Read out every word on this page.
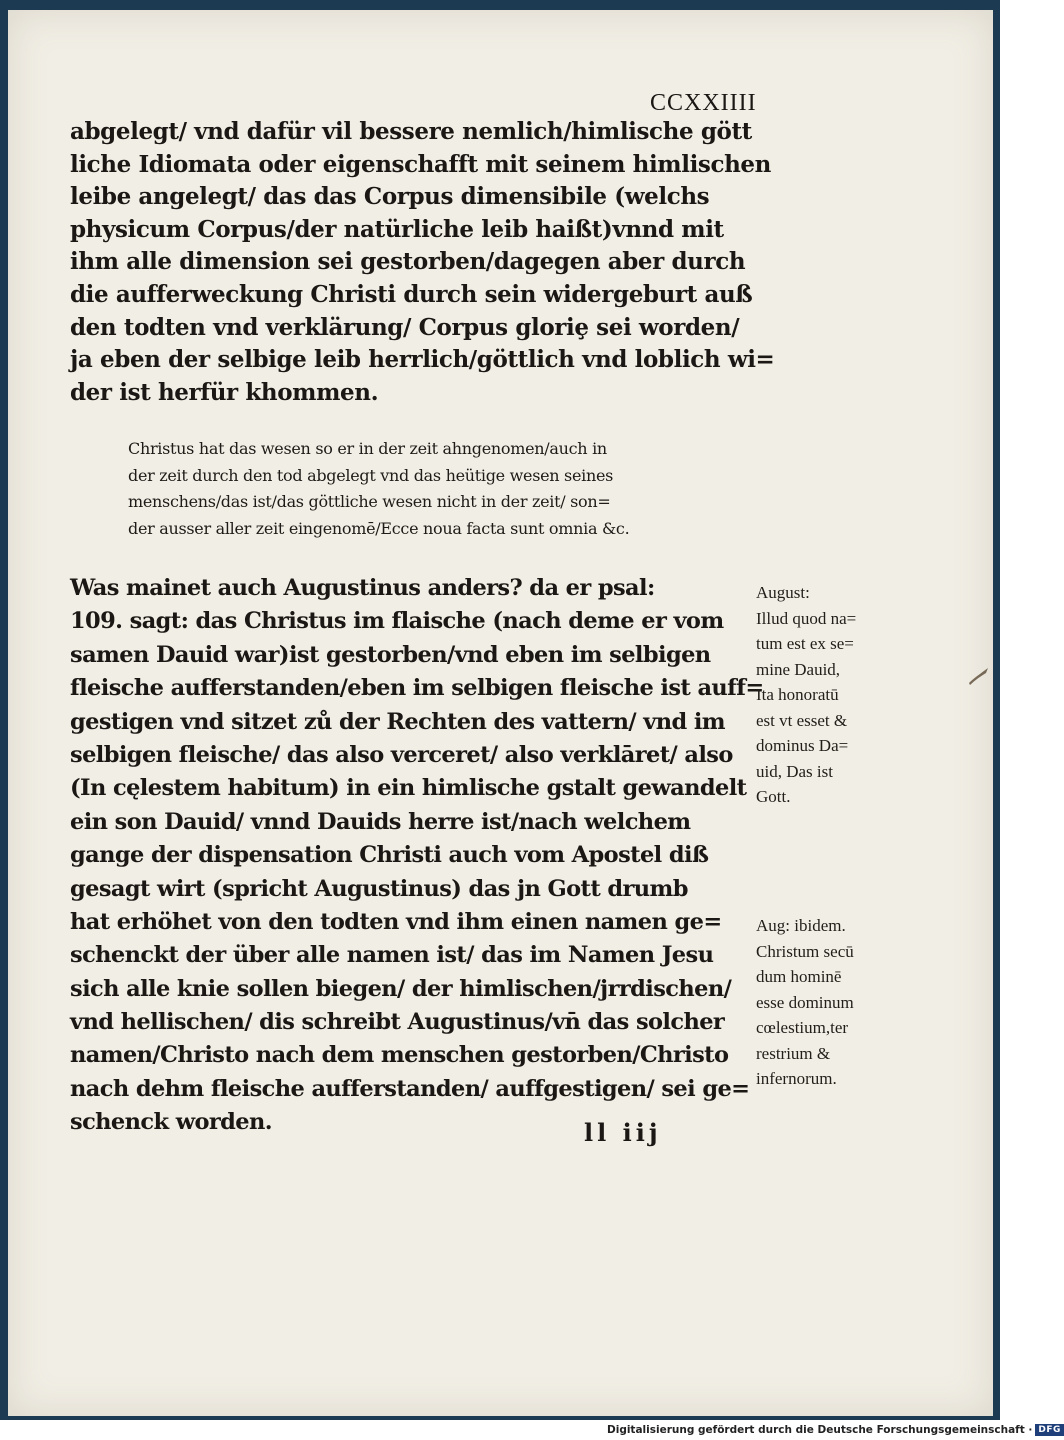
CCXXIIII
abgelegt/ vnd dafür vil bessere nemlich/himlische gött
liche Idiomata oder eigenschafft mit seinem himlischen
leibe angelegt/ das das Corpus dimensibile (welchs
physicum Corpus/der natürliche leib haißt)vnnd mit
ihm alle dimension sei gestorben/dagegen aber durch
die aufferweckung Christi durch sein widergeburt auß
den todten vnd verklärung/ Corpus gloriȩ sei worden/
ja eben der selbige leib herrlich/göttlich vnd loblich wi=
der ist herfür khommen.
Christus hat das wesen so er in der zeit ahngenomen/auch in
der zeit durch den tod abgelegt vnd das heütige wesen seines
menschens/das ist/das göttliche wesen nicht in der zeit/ son=
der ausser aller zeit eingenomē/Ecce noua facta sunt omnia &c.
Was mainet auch Augustinus anders? da er psal:
109. sagt: das Christus im flaische (nach deme er vom
samen Dauid war)ist gestorben/vnd eben im selbigen
fleische aufferstanden/eben im selbigen fleische ist auff=
gestigen vnd sitzet zů der Rechten des vattern/ vnd im
selbigen fleische/ das also verceret/ also verklāret/ also
(In cęlestem habitum) in ein himlische gstalt gewandelt
ein son Dauid/ vnnd Dauids herre ist/nach welchem
gange der dispensation Christi auch vom Apostel diß
gesagt wirt (spricht Augustinus) das jn Gott drumb
hat erhöhet von den todten vnd ihm einen namen ge=
schenckt der über alle namen ist/ das im Namen Jesu
sich alle knie sollen biegen/ der himlischen/jrrdischen/
vnd hellischen/ dis schreibt Augustinus/vn̄ das solcher
namen/Christo nach dem menschen gestorben/Christo
nach dehm fleische aufferstanden/ auffgestigen/ sei ge=
schenck worden.
August:
Illud quod na=
tum est ex se=
mine Dauid,
Ita honoratū
est vt esset &
dominus Da=
uid, Das ist
Gott.
Aug: ibidem.
Christum secū
dum hominē
esse dominum
cœlestium,ter
restrium &
infernorum.
ll iij
Digitalisierung gefördert durch die Deutsche Forschungsgemeinschaft · DFG
